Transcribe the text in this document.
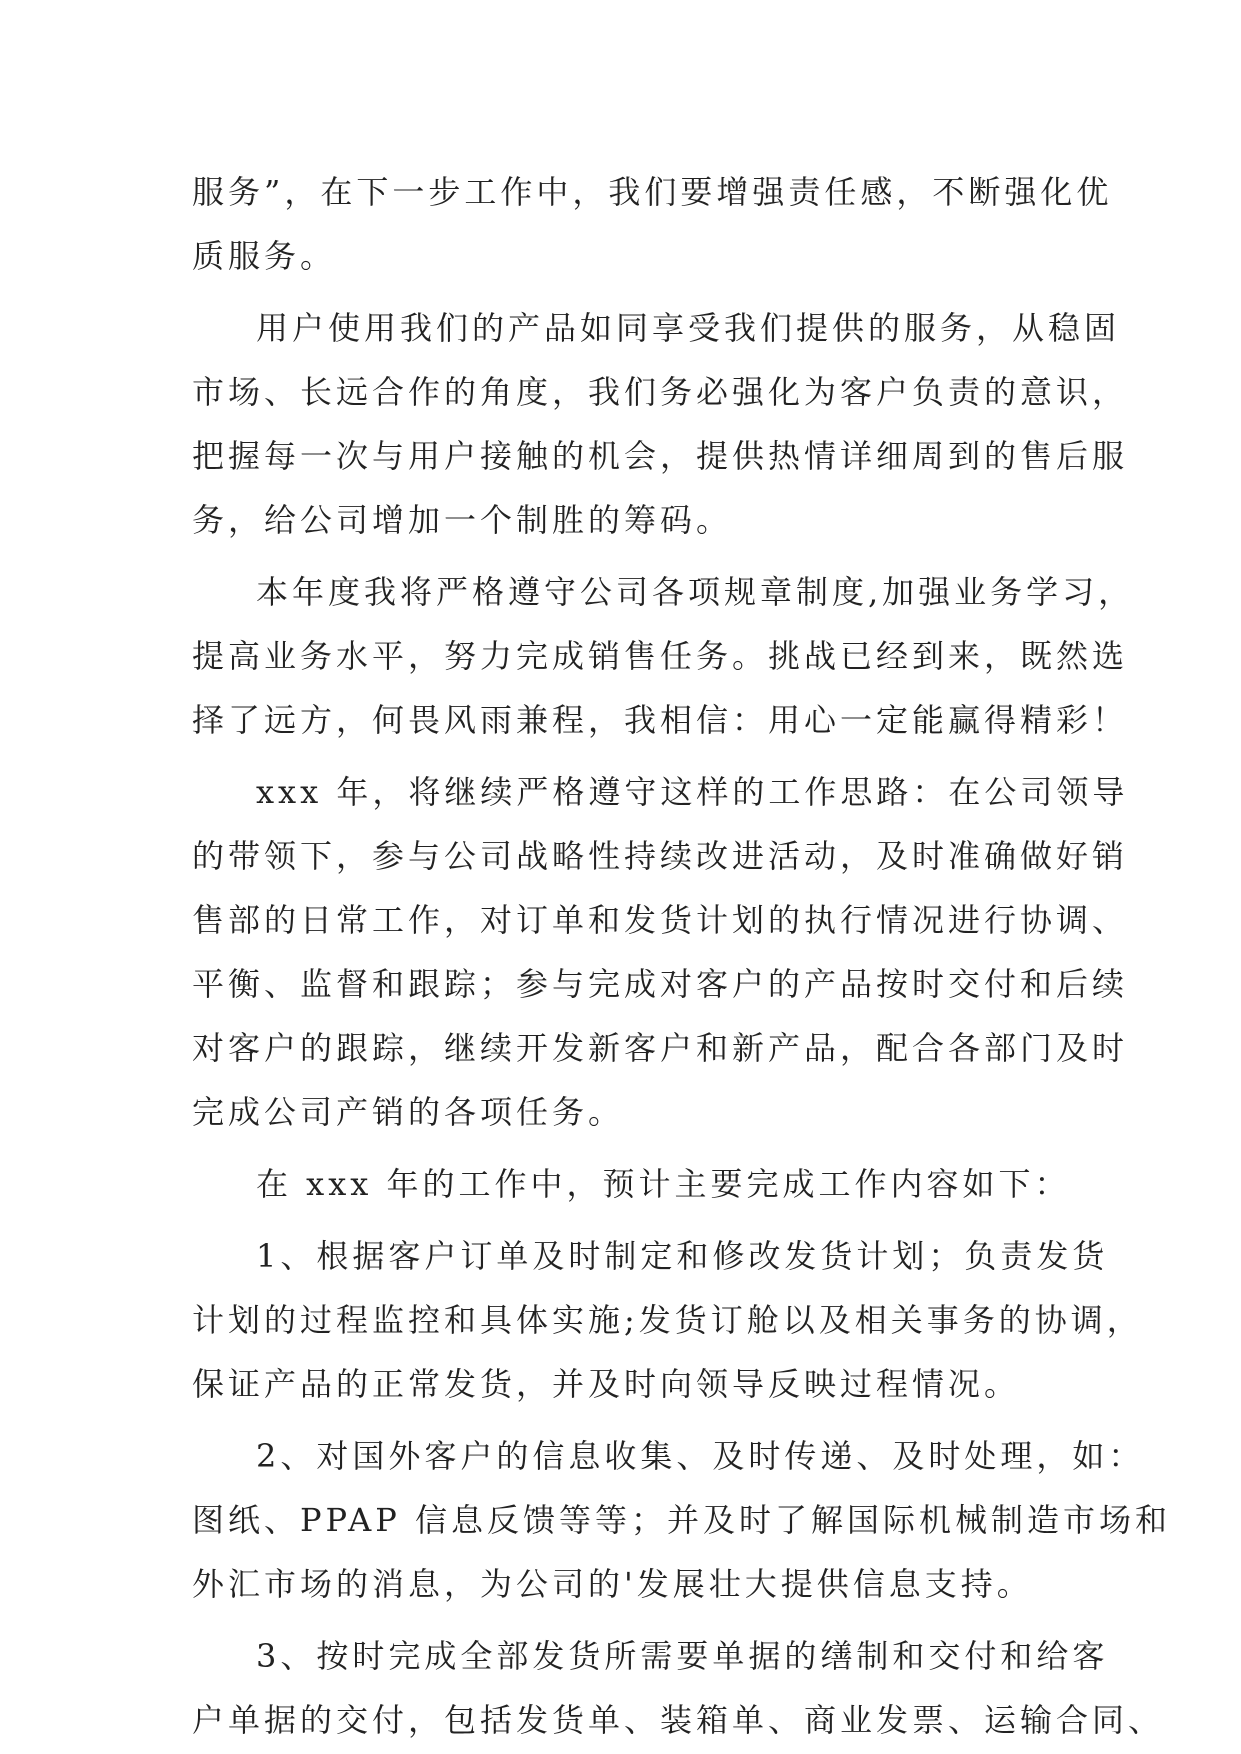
服务”，在下一步工作中，我们要增强责任感，不断强化优
质服务。
用户使用我们的产品如同享受我们提供的服务，从稳固
市场、长远合作的角度，我们务必强化为客户负责的意识，
把握每一次与用户接触的机会，提供热情详细周到的售后服
务，给公司增加一个制胜的筹码。
本年度我将严格遵守公司各项规章制度,加强业务学习，
提高业务水平，努力完成销售任务。挑战已经到来，既然选
择了远方，何畏风雨兼程，我相信：用心一定能赢得精彩！
xxx 年，将继续严格遵守这样的工作思路：在公司领导
的带领下，参与公司战略性持续改进活动，及时准确做好销
售部的日常工作，对订单和发货计划的执行情况进行协调、
平衡、监督和跟踪；参与完成对客户的产品按时交付和后续
对客户的跟踪，继续开发新客户和新产品，配合各部门及时
完成公司产销的各项任务。
在 xxx 年的工作中，预计主要完成工作内容如下：
1、根据客户订单及时制定和修改发货计划；负责发货
计划的过程监控和具体实施;发货订舱以及相关事务的协调，
保证产品的正常发货，并及时向领导反映过程情况。
2、对国外客户的信息收集、及时传递、及时处理，如：
图纸、PPAP 信息反馈等等；并及时了解国际机械制造市场和
外汇市场的消息，为公司的'发展壮大提供信息支持。
3、按时完成全部发货所需要单据的缮制和交付和给客
户单据的交付，包括发货单、装箱单、商业发票、运输合同、
